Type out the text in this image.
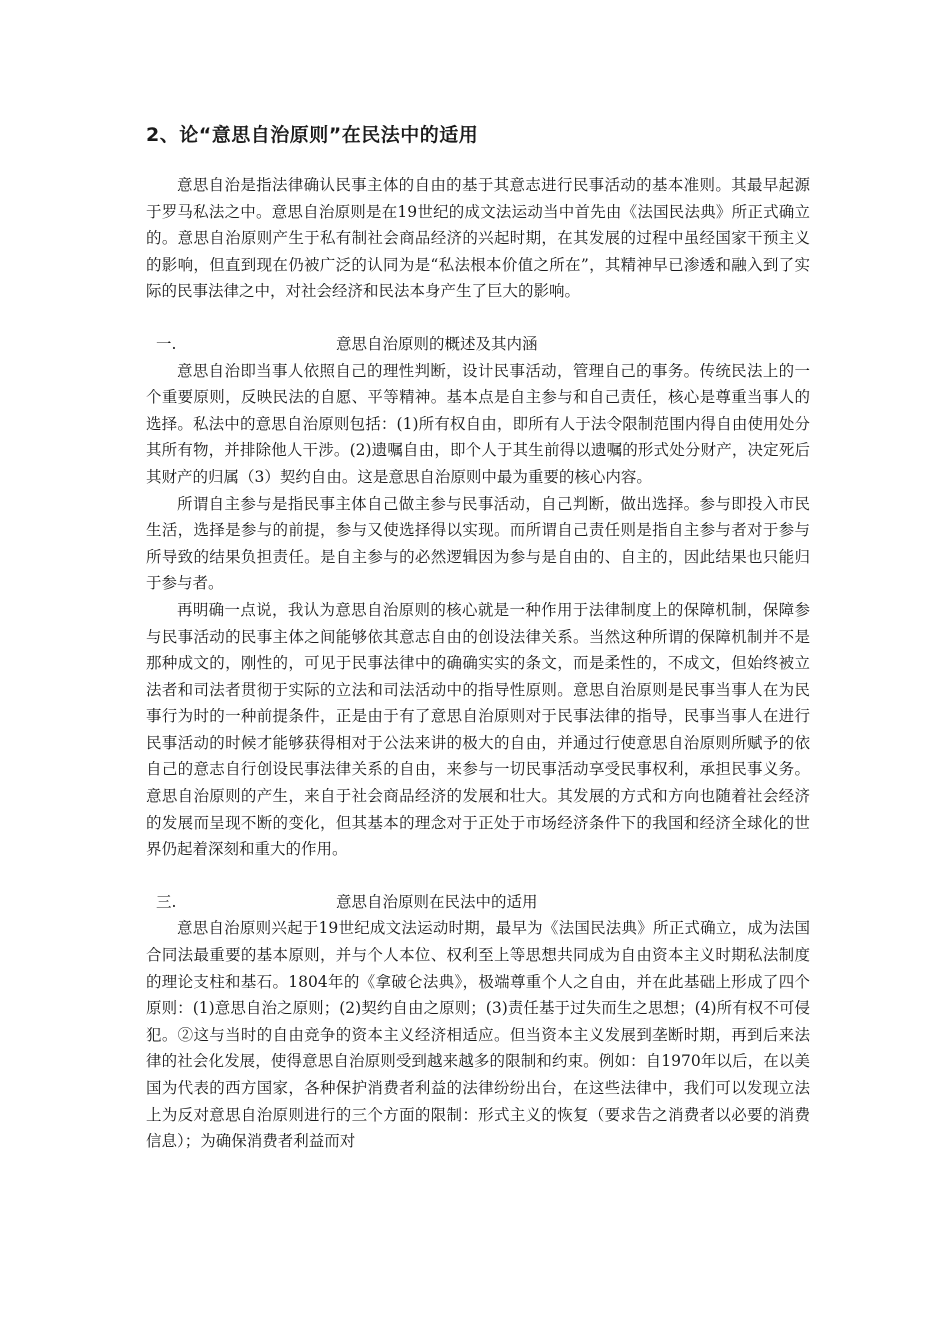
2、论“意思自治原则”在民法中的适用

意思自治是指法律确认民事主体的自由的基于其意志进行民事活动的基本准则。其最早起源于罗马私法之中。意思自治原则是在19世纪的成文法运动当中首先由《法国民法典》所正式确立的。意思自治原则产生于私有制社会商品经济的兴起时期，在其发展的过程中虽经国家干预主义的影响，但直到现在仍被广泛的认同为是“私法根本价值之所在”，其精神早已渗透和融入到了实际的民事法律之中，对社会经济和民法本身产生了巨大的影响。

一.	意思自治原则的概述及其内涵

意思自治即当事人依照自己的理性判断，设计民事活动，管理自己的事务。传统民法上的一个重要原则，反映民法的自愿、平等精神。基本点是自主参与和自己责任，核心是尊重当事人的选择。私法中的意思自治原则包括：(1)所有权自由，即所有人于法令限制范围内得自由使用处分其所有物，并排除他人干涉。(2)遗嘱自由，即个人于其生前得以遗嘱的形式处分财产，决定死后其财产的归属（3）契约自由。这是意思自治原则中最为重要的核心内容。

所谓自主参与是指民事主体自己做主参与民事活动，自己判断，做出选择。参与即投入市民生活，选择是参与的前提，参与又使选择得以实现。而所谓自己责任则是指自主参与者对于参与所导致的结果负担责任。是自主参与的必然逻辑因为参与是自由的、自主的，因此结果也只能归于参与者。

再明确一点说，我认为意思自治原则的核心就是一种作用于法律制度上的保障机制，保障参与民事活动的民事主体之间能够依其意志自由的创设法律关系。当然这种所谓的保障机制并不是那种成文的，刚性的，可见于民事法律中的确确实实的条文，而是柔性的，不成文，但始终被立法者和司法者贯彻于实际的立法和司法活动中的指导性原则。意思自治原则是民事当事人在为民事行为时的一种前提条件，正是由于有了意思自治原则对于民事法律的指导，民事当事人在进行民事活动的时候才能够获得相对于公法来讲的极大的自由，并通过行使意思自治原则所赋予的依自己的意志自行创设民事法律关系的自由，来参与一切民事活动享受民事权利，承担民事义务。意思自治原则的产生，来自于社会商品经济的发展和壮大。其发展的方式和方向也随着社会经济的发展而呈现不断的变化，但其基本的理念对于正处于市场经济条件下的我国和经济全球化的世界仍起着深刻和重大的作用。

三.	意思自治原则在民法中的适用

意思自治原则兴起于19世纪成文法运动时期，最早为《法国民法典》所正式确立，成为法国合同法最重要的基本原则，并与个人本位、权利至上等思想共同成为自由资本主义时期私法制度的理论支柱和基石。1804年的《拿破仑法典》，极端尊重个人之自由，并在此基础上形成了四个原则：(1)意思自治之原则；(2)契约自由之原则；(3)责任基于过失而生之思想；(4)所有权不可侵犯。②这与当时的自由竞争的资本主义经济相适应。但当资本主义发展到垄断时期，再到后来法律的社会化发展，使得意思自治原则受到越来越多的限制和约束。例如：自1970年以后，在以美国为代表的西方国家，各种保护消费者利益的法律纷纷出台，在这些法律中，我们可以发现立法上为反对意思自治原则进行的三个方面的限制：形式主义的恢复（要求告之消费者以必要的消费信息）；为确保消费者利益而对
